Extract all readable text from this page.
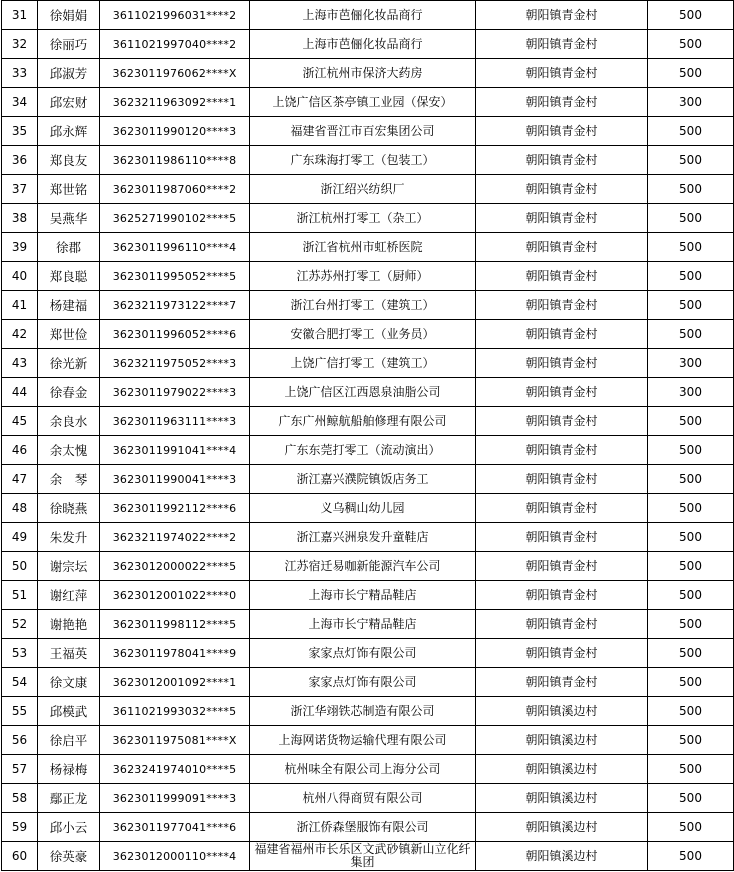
31	徐娟娟	3611021996031****2	上海市芭俪化妆品商行	朝阳镇青金村	500
32	徐丽巧	3611021997040****2	上海市芭俪化妆品商行	朝阳镇青金村	500
33	邱淑芳	3623011976062****X	浙江杭州市保济大药房	朝阳镇青金村	500
34	邱宏财	3623211963092****1	上饶广信区茶亭镇工业园（保安）	朝阳镇青金村	300
35	邱永辉	3623011990120****3	福建省晋江市百宏集团公司	朝阳镇青金村	500
36	郑良友	3623011986110****8	广东珠海打零工（包装工）	朝阳镇青金村	500
37	郑世铭	3623011987060****2	浙江绍兴纺织厂	朝阳镇青金村	500
38	吴燕华	3625271990102****5	浙江杭州打零工（杂工）	朝阳镇青金村	500
39	徐郡	3623011996110****4	浙江省杭州市虹桥医院	朝阳镇青金村	500
40	郑良聪	3623011995052****5	江苏苏州打零工（厨师）	朝阳镇青金村	500
41	杨建福	3623211973122****7	浙江台州打零工（建筑工）	朝阳镇青金村	500
42	郑世俭	3623011996052****6	安徽合肥打零工（业务员）	朝阳镇青金村	500
43	徐光新	3623211975052****3	上饶广信打零工（建筑工）	朝阳镇青金村	300
44	徐春金	3623011979022****3	上饶广信区江西恩泉油脂公司	朝阳镇青金村	300
45	余良水	3623011963111****3	广东广州鲸航船舶修理有限公司	朝阳镇青金村	500
46	余太愧	3623011991041****4	广东东莞打零工（流动演出）	朝阳镇青金村	500
47	余　琴	3623011990041****3	浙江嘉兴濮院镇饭店务工	朝阳镇青金村	500
48	徐晓燕	3623011992112****6	义乌稠山幼儿园	朝阳镇青金村	500
49	朱发升	3623211974022****2	浙江嘉兴洲泉发升童鞋店	朝阳镇青金村	500
50	谢宗坛	3623012000022****5	江苏宿迁易咖新能源汽车公司	朝阳镇青金村	500
51	谢红萍	3623012001022****0	上海市长宁精品鞋店	朝阳镇青金村	500
52	谢艳艳	3623011998112****5	上海市长宁精品鞋店	朝阳镇青金村	500
53	王福英	3623011978041****9	家家点灯饰有限公司	朝阳镇青金村	500
54	徐文康	3623012001092****1	家家点灯饰有限公司	朝阳镇青金村	500
55	邱模武	3611021993032****5	浙江华翊铁芯制造有限公司	朝阳镇溪边村	500
56	徐启平	3623011975081****X	上海网诺货物运输代理有限公司	朝阳镇溪边村	500
57	杨禄梅	3623241974010****5	杭州味全有限公司上海分公司	朝阳镇溪边村	500
58	鄢正龙	3623011999091****3	杭州八得商贸有限公司	朝阳镇溪边村	500
59	邱小云	3623011977041****6	浙江侨森堡服饰有限公司	朝阳镇溪边村	500
60	徐英豪	3623012000110****4	福建省福州市长乐区文武砂镇新山立化纤集团	朝阳镇溪边村	500
